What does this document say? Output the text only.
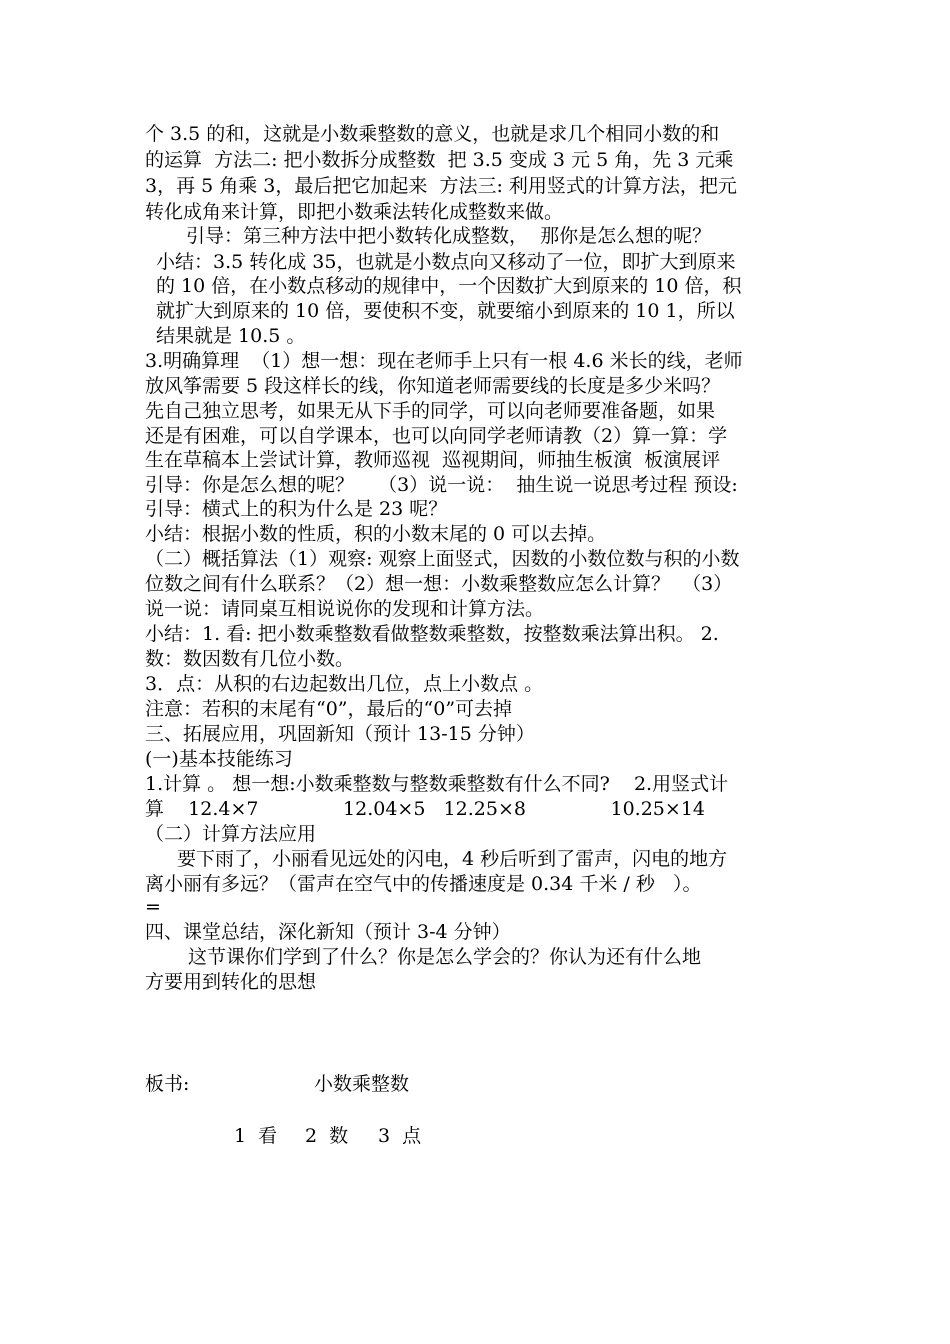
个 3.5 的和，这就是小数乘整数的意义，也就是求几个相同小数的和
的运算  方法二: 把小数拆分成整数  把 3.5 变成 3 元 5 角，先 3 元乘
3，再 5 角乘 3，最后把它加起来  方法三: 利用竖式的计算方法，把元
转化成角来计算，即把小数乘法转化成整数来做。
引导：第三种方法中把小数转化成整数，  那你是怎么想的呢？
小结：3.5 转化成 35，也就是小数点向又移动了一位，即扩大到原来
的 10 倍，在小数点移动的规律中，一个因数扩大到原来的 10 倍，积
就扩大到原来的 10 倍，要使积不变，就要缩小到原来的 10 1，所以
结果就是 10.5 。
3.明确算理  （1）想一想：现在老师手上只有一根 4.6 米长的线，老师
放风筝需要 5 段这样长的线，你知道老师需要线的长度是多少米吗？
先自己独立思考，如果无从下手的同学，可以向老师要准备题，如果
还是有困难，可以自学课本，也可以向同学老师请教（2）算一算：学
生在草稿本上尝试计算，教师巡视  巡视期间，师抽生板演  板演展评
引导：你是怎么想的呢？    （3）说一说：  抽生说一说思考过程 预设:
引导：横式上的积为什么是 23 呢？
小结：根据小数的性质，积的小数末尾的 0 可以去掉。
（二）概括算法（1）观察: 观察上面竖式，因数的小数位数与积的小数
位数之间有什么联系？（2）想一想：小数乘整数应怎么计算？  （3）
说一说：请同桌互相说说你的发现和计算方法。
小结：1. 看: 把小数乘整数看做整数乘整数，按整数乘法算出积。 2.
数：数因数有几位小数。
3．点：从积的右边起数出几位，点上小数点 。
注意：若积的末尾有“0”，最后的“0”可去掉
三、拓展应用，巩固新知（预计 13-15 分钟）
(一)基本技能练习
1.计算 。 想一想:小数乘整数与整数乘整数有什么不同?    2.用竖式计
算    12.4×7              12.04×5   12.25×8              10.25×14
（二）计算方法应用
要下雨了，小丽看见远处的闪电，4 秒后听到了雷声，闪电的地方
离小丽有多远？（雷声在空气中的传播速度是 0.34 千米 / 秒   ）。
=
四、课堂总结，深化新知（预计 3-4 分钟）
这节课你们学到了什么？你是怎么学会的？你认为还有什么地
方要用到转化的思想
板书:	小数乘整数
1  看 2  数 3  点
